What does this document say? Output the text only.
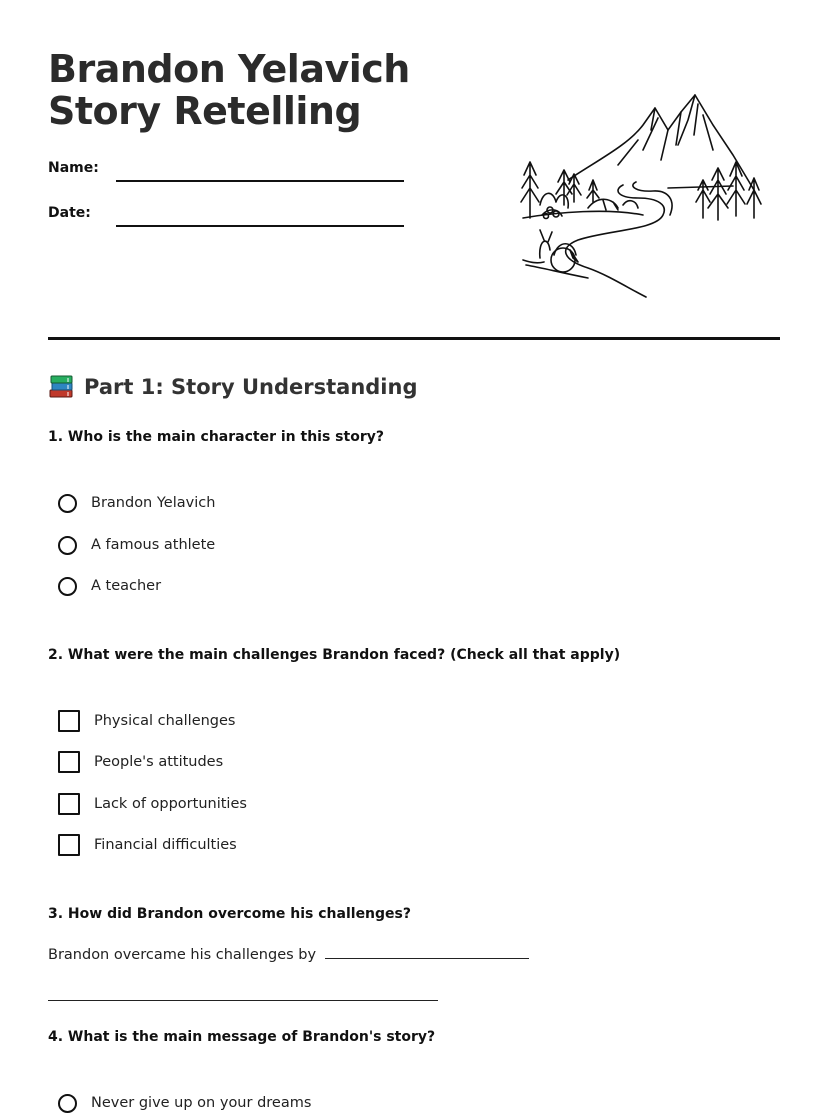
Brandon Yelavich Story Retelling
Name:
Date:
Part 1: Story Understanding
1. Who is the main character in this story?
Brandon Yelavich
A famous athlete
A teacher
2. What were the main challenges Brandon faced? (Check all that apply)
Physical challenges
People's attitudes
Lack of opportunities
Financial difficulties
3. How did Brandon overcome his challenges?
Brandon overcame his challenges by
4. What is the main message of Brandon's story?
Never give up on your dreams
